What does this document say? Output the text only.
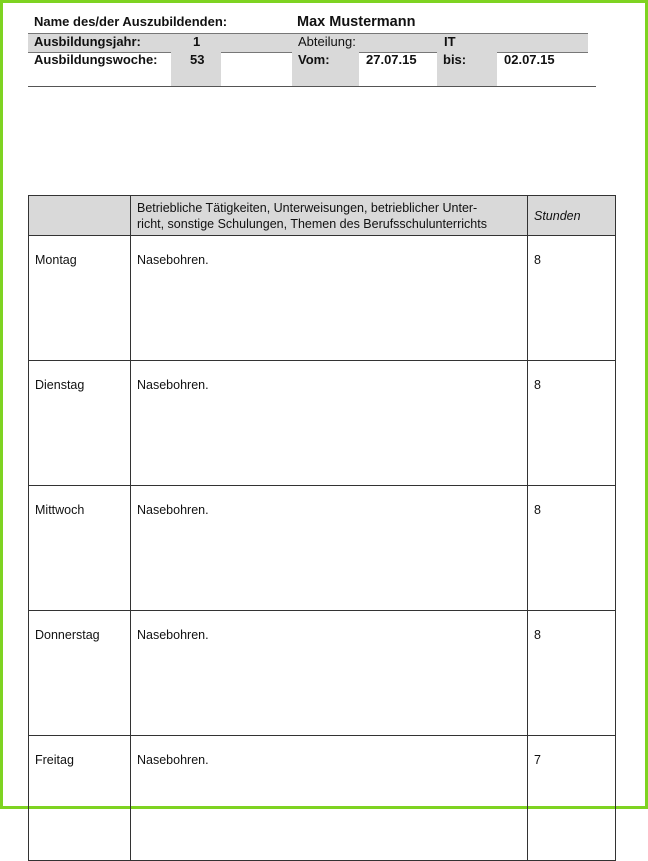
Name des/der Auszubildenden:	Max Mustermann
Ausbildungsjahr:	1	Abteilung:	IT
Ausbildungswoche:	53	Vom:	27.07.15 bis:	02.07.15

	Betriebliche Tätigkeiten, Unterweisungen, betrieblicher Unter-
richt, sonstige Schulungen, Themen des Berufsschulunterrichts	Stunden
Montag	Nasebohren.	8
Dienstag	Nasebohren.	8
Mittwoch	Nasebohren.	8
Donnerstag	Nasebohren.	8
Freitag	Nasebohren.	7
